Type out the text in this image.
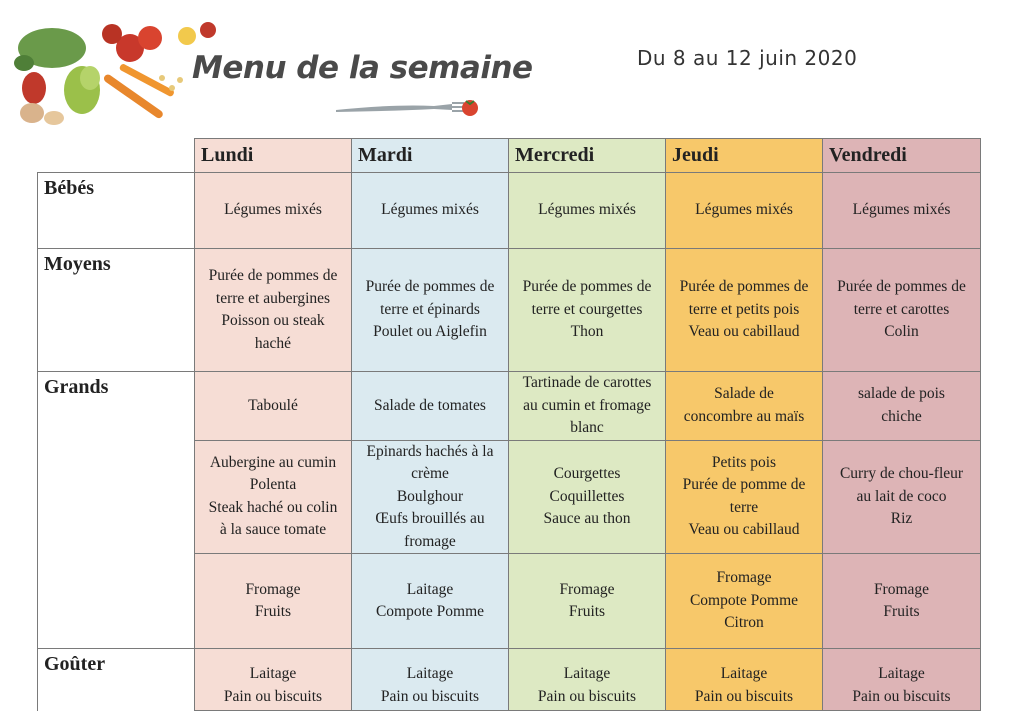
Menu de la semaine	Du 8 au 12 juin 2020
	Lundi	Mardi	Mercredi	Jeudi	Vendredi
Bébés	Légumes mixés	Légumes mixés	Légumes mixés	Légumes mixés	Légumes mixés

Moyens	Purée de pommes de
terre et aubergines
Poisson ou steak
haché	Purée de pommes de
terre et épinards
Poulet ou Aiglefin	Purée de pommes de
terre et courgettes
Thon	Purée de pommes de
terre et petits pois
Veau ou cabillaud	Purée de pommes de
terre et carottes
Colin

Grands	Taboulé	Salade de tomates	Tartinade de carottes
au cumin et fromage
blanc	Salade de
concombre au maïs	salade de pois
chiche

	Aubergine au cumin
Polenta
Steak haché ou colin
à la sauce tomate	Epinards hachés à la
crème
Boulghour
Œufs brouillés au
fromage	Courgettes
Coquillettes
Sauce au thon	Petits pois
Purée de pomme de
terre
Veau ou cabillaud	Curry de chou-fleur
au lait de coco
Riz

	Fromage
Fruits	Laitage
Compote Pomme	Fromage
Fruits	Fromage
Compote Pomme
Citron	Fromage
Fruits

Goûter	Laitage
Pain ou biscuits	Laitage
Pain ou biscuits	Laitage
Pain ou biscuits	Laitage
Pain ou biscuits	Laitage
Pain ou biscuits
